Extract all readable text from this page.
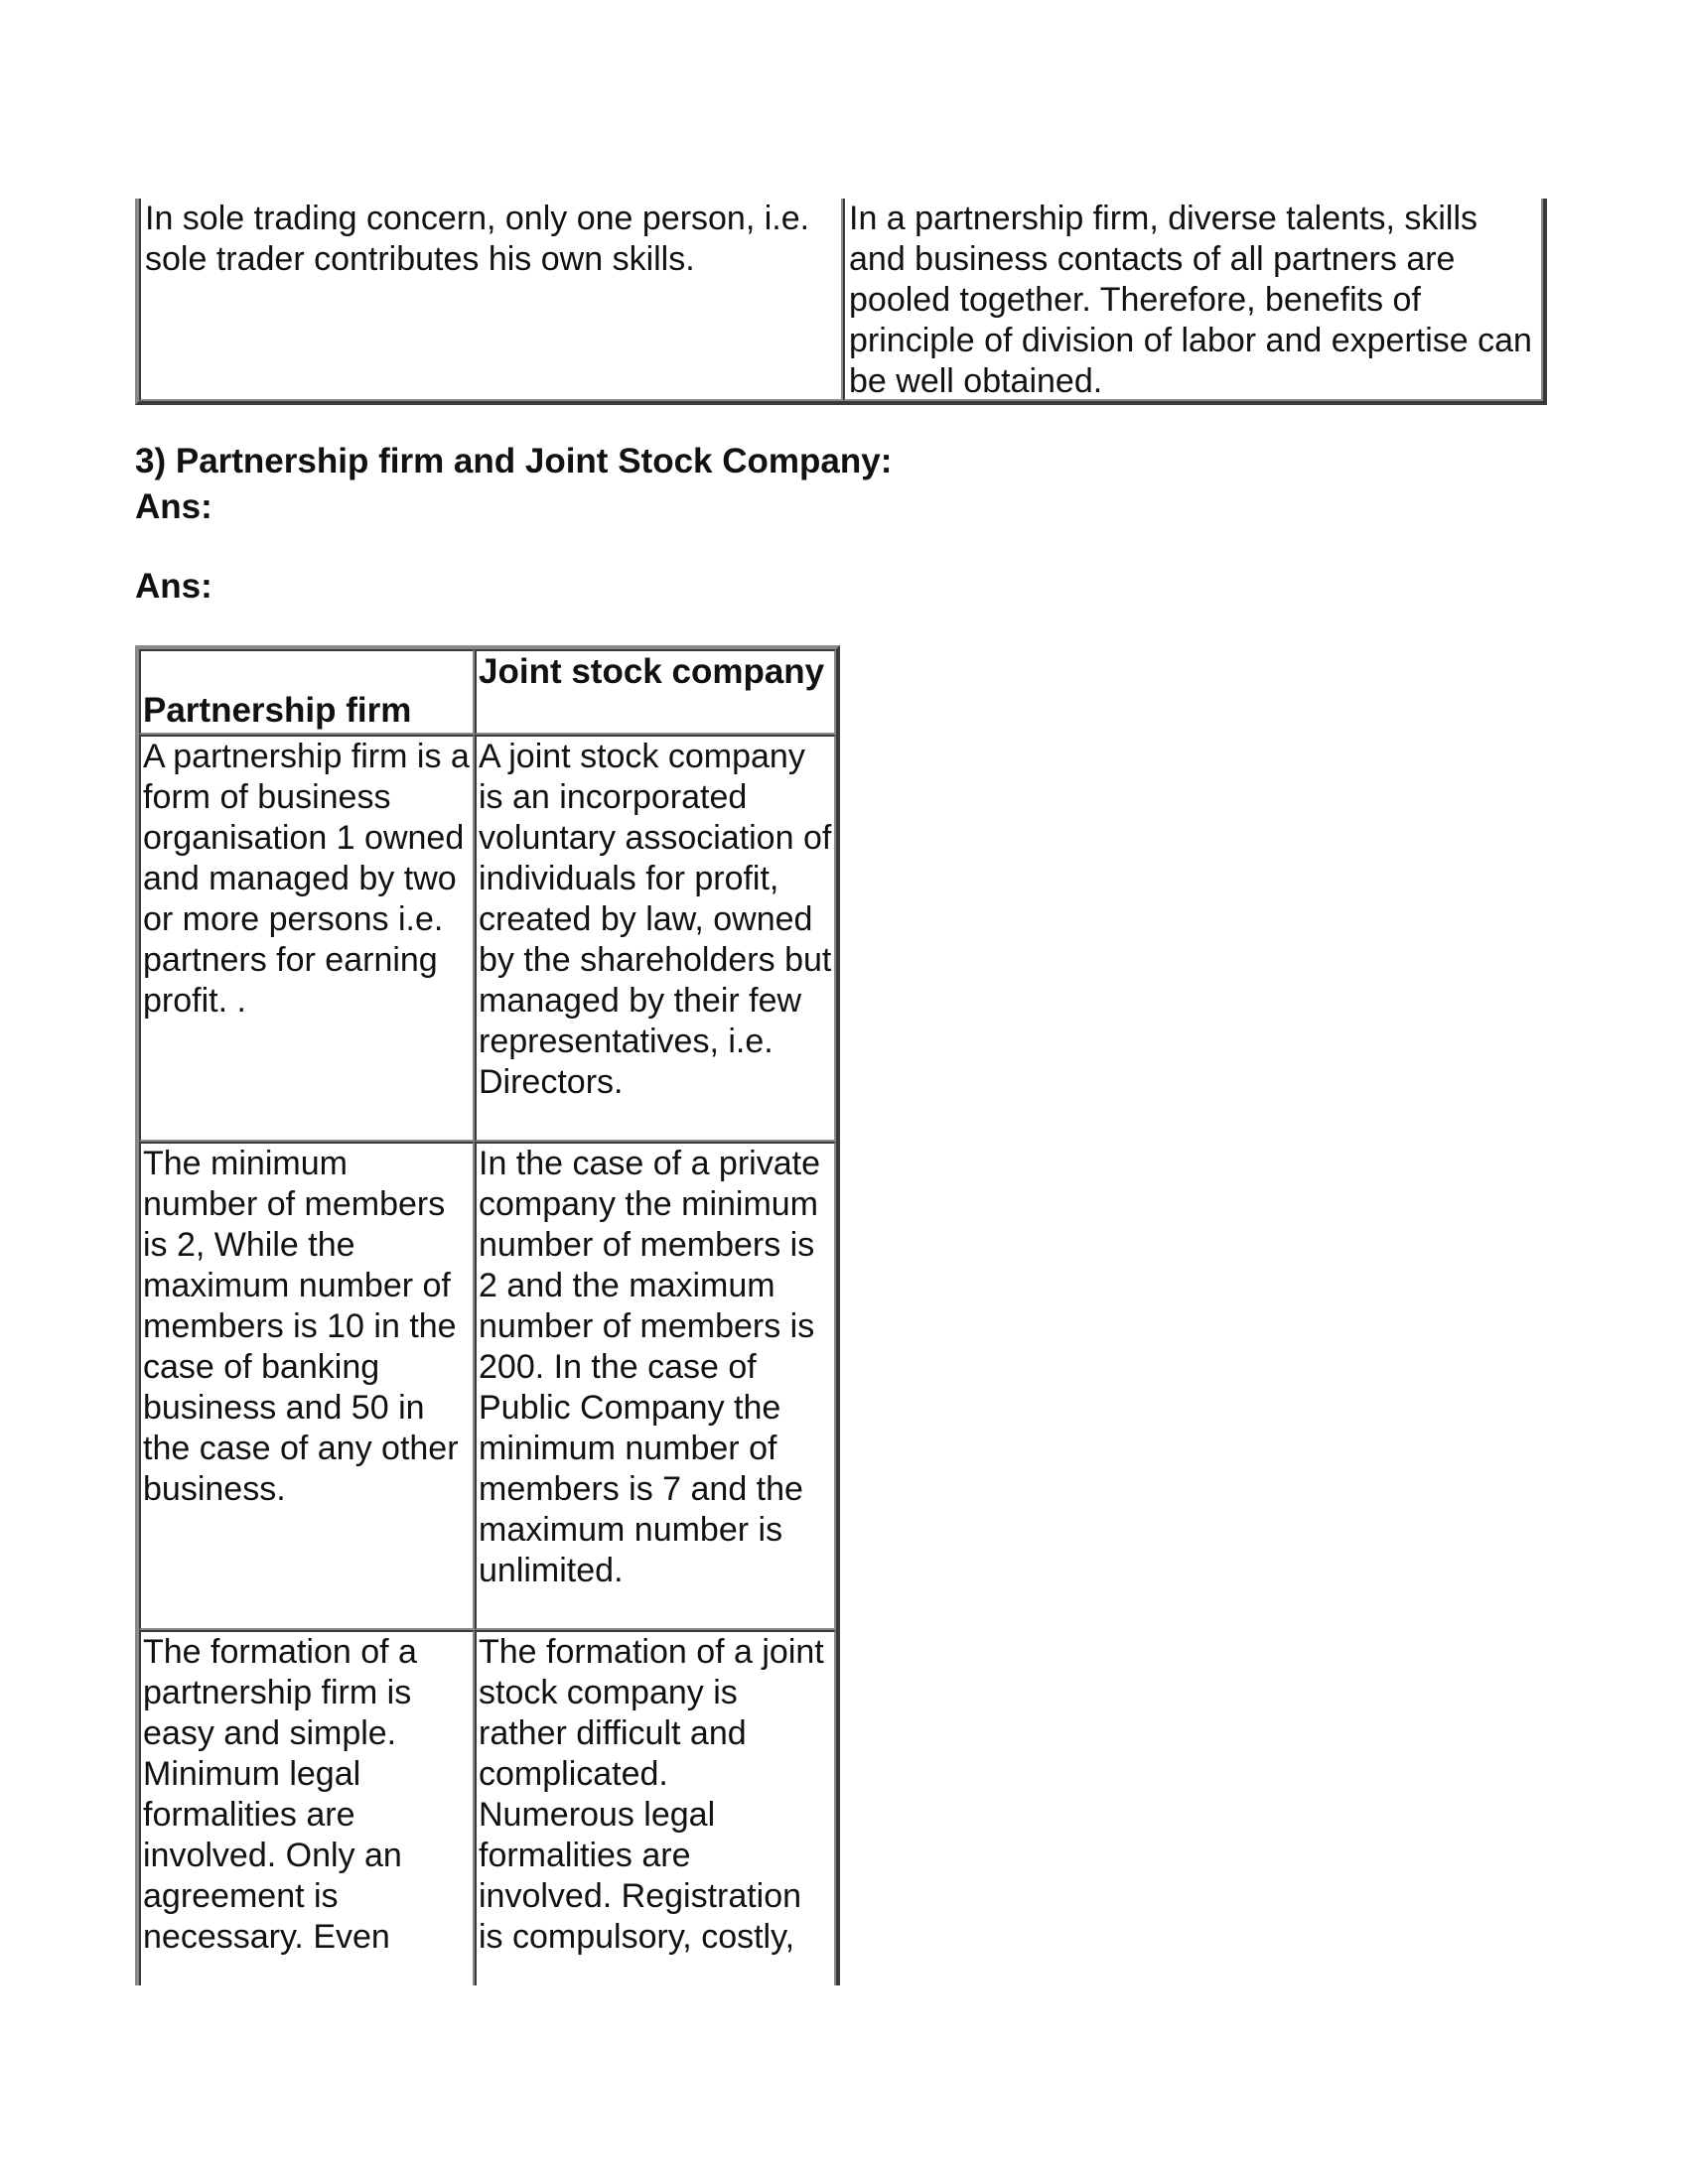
In sole trading concern, only one person, i.e. sole trader contributes his own skills.
In a partnership firm, diverse talents, skills and business contacts of all partners are pooled together. Therefore, benefits of principle of division of labor and expertise can be well obtained.
3) Partnership firm and Joint Stock Company:
Ans:
Ans:
Partnership firm
Joint stock company
A partnership firm is a form of business organisation 1 owned and managed by two or more persons i.e. partners for earning profit. .
A joint stock company is an incorporated voluntary association of individuals for profit, created by law, owned by the shareholders but managed by their few representatives, i.e. Directors.
The minimum number of members is 2, While the maximum number of members is 10 in the case of banking business and 50 in the case of any other business.
In the case of a private company the minimum number of members is 2 and the maximum number of members is 200. In the case of Public Company the minimum number of members is 7 and the maximum number is unlimited.
The formation of a partnership firm is easy and simple. Minimum legal formalities are involved. Only an agreement is necessary. Even
The formation of a joint stock company is rather difficult and complicated. Numerous legal formalities are involved. Registration is compulsory, costly,
